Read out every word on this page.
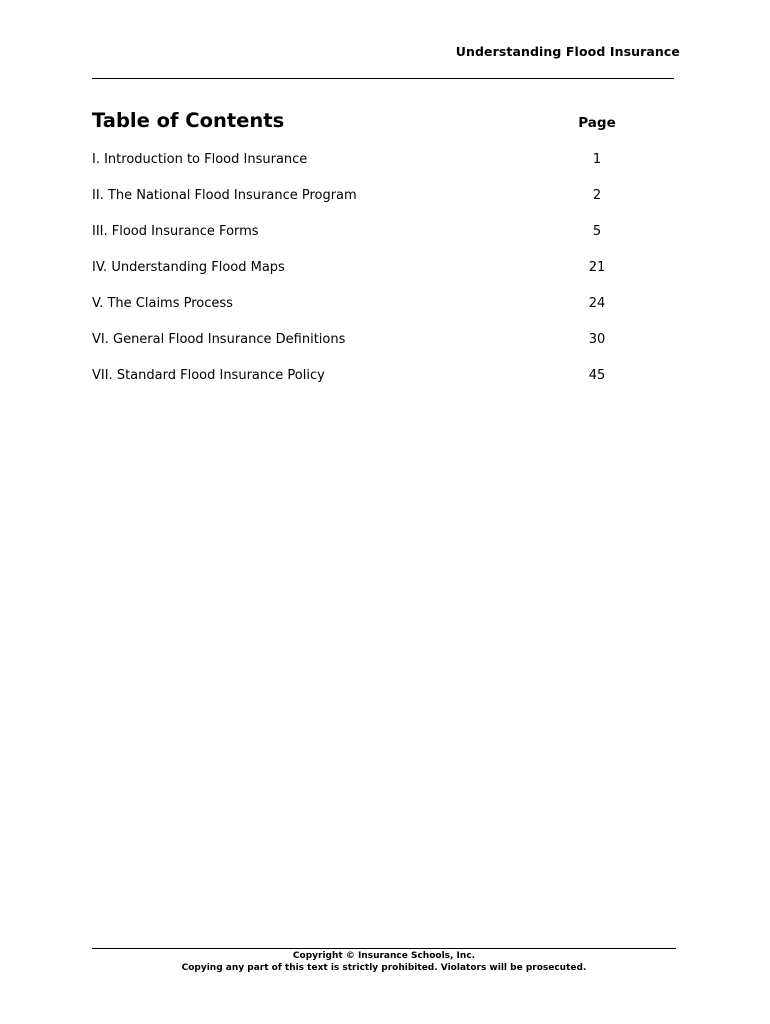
Understanding Flood Insurance
Table of Contents	Page
I. Introduction to Flood Insurance	1
II. The National Flood Insurance Program	2
III. Flood Insurance Forms	5
IV. Understanding Flood Maps	21
V. The Claims Process	24
VI. General Flood Insurance Definitions	30
VII. Standard Flood Insurance Policy	45
Copyright © Insurance Schools, Inc.
Copying any part of this text is strictly prohibited. Violators will be prosecuted.
